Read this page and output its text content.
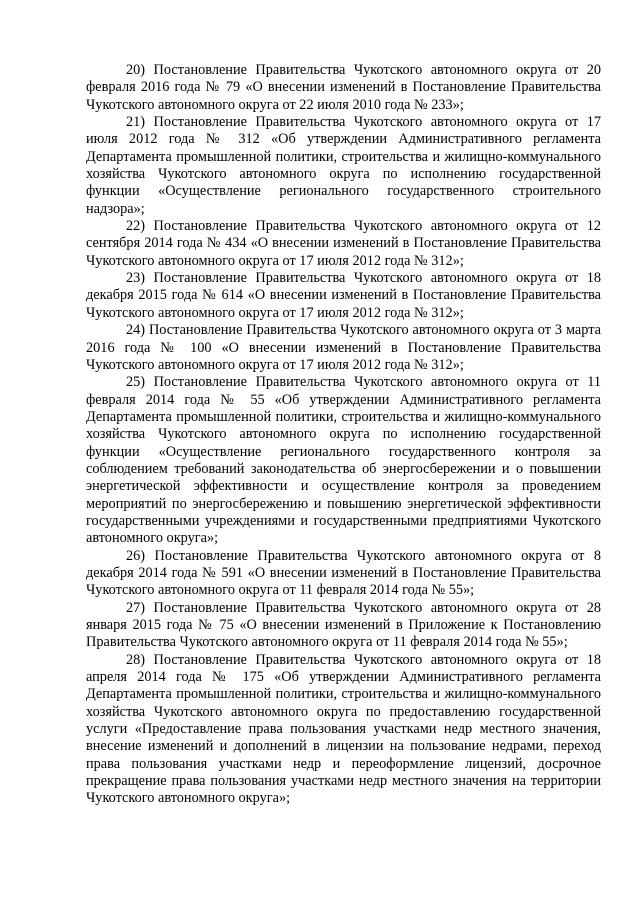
20) Постановление Правительства Чукотского автономного округа от 20 февраля 2016 года № 79 «О внесении изменений в Постановление Правительства Чукотского автономного округа от 22 июля 2010 года № 233»;

21) Постановление Правительства Чукотского автономного округа от 17 июля 2012 года № 312 «Об утверждении Административного регламента Департамента промышленной политики, строительства и жилищно-коммунального хозяйства Чукотского автономного округа по исполнению государственной функции «Осуществление регионального государственного строительного надзора»;

22) Постановление Правительства Чукотского автономного округа от 12 сентября 2014 года № 434 «О внесении изменений в Постановление Правительства Чукотского автономного округа от 17 июля 2012 года № 312»;

23) Постановление Правительства Чукотского автономного округа от 18 декабря 2015 года № 614 «О внесении изменений в Постановление Правительства Чукотского автономного округа от 17 июля 2012 года № 312»;

24) Постановление Правительства Чукотского автономного округа от 3 марта 2016 года № 100 «О внесении изменений в Постановление Правительства Чукотского автономного округа от 17 июля 2012 года № 312»;

25) Постановление Правительства Чукотского автономного округа от 11 февраля 2014 года № 55 «Об утверждении Административного регламента Департамента промышленной политики, строительства и жилищно-коммунального хозяйства Чукотского автономного округа по исполнению государственной функции «Осуществление регионального государственного контроля за соблюдением требований законодательства об энергосбережении и о повышении энергетической эффективности и осуществление контроля за проведением мероприятий по энергосбережению и повышению энергетической эффективности государственными учреждениями и государственными предприятиями Чукотского автономного округа»;

26) Постановление Правительства Чукотского автономного округа от 8 декабря 2014 года № 591 «О внесении изменений в Постановление Правительства Чукотского автономного округа от 11 февраля 2014 года № 55»;

27) Постановление Правительства Чукотского автономного округа от 28 января 2015 года № 75 «О внесении изменений в Приложение к Постановлению Правительства Чукотского автономного округа от 11 февраля 2014 года № 55»;

28) Постановление Правительства Чукотского автономного округа от 18 апреля 2014 года № 175 «Об утверждении Административного регламента Департамента промышленной политики, строительства и жилищно-коммунального хозяйства Чукотского автономного округа по предоставлению государственной услуги «Предоставление права пользования участками недр местного значения, внесение изменений и дополнений в лицензии на пользование недрами, переход права пользования участками недр и переоформление лицензий, досрочное прекращение права пользования участками недр местного значения на территории Чукотского автономного округа»;
